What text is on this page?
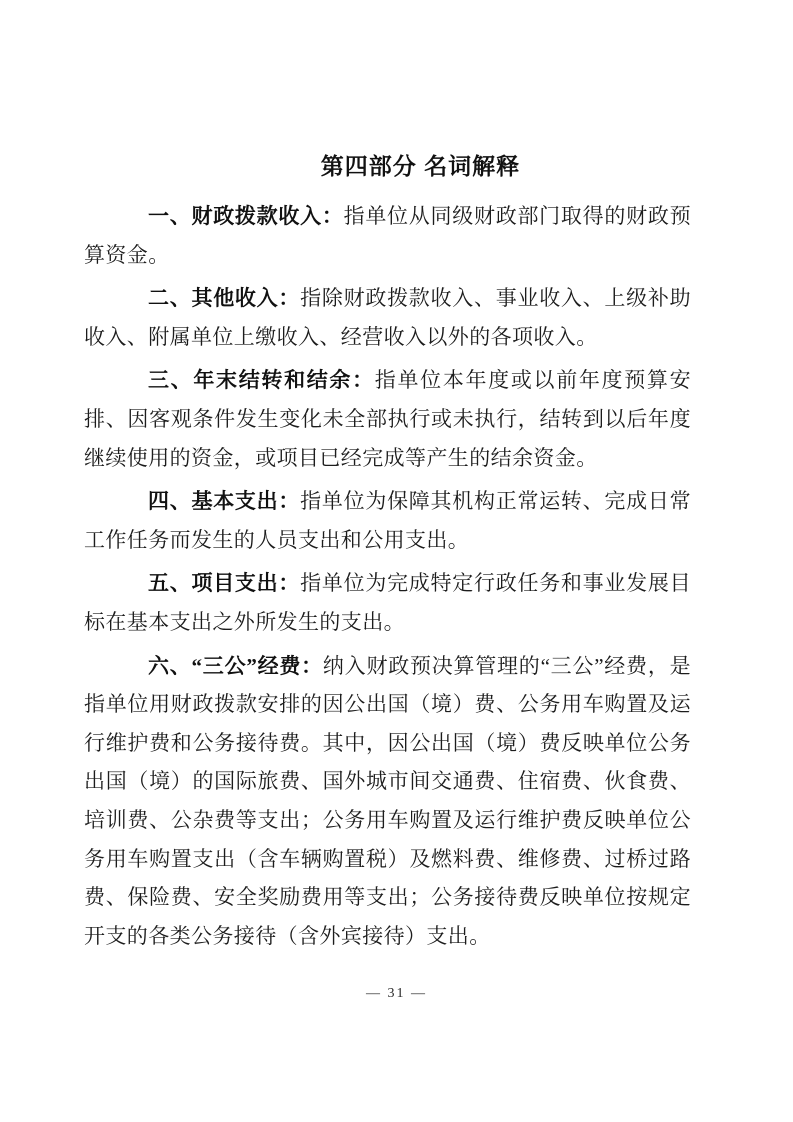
第四部分 名词解释

一、财政拨款收入：指单位从同级财政部门取得的财政预算资金。

二、其他收入：指除财政拨款收入、事业收入、上级补助收入、附属单位上缴收入、经营收入以外的各项收入。

三、年末结转和结余：指单位本年度或以前年度预算安排、因客观条件发生变化未全部执行或未执行，结转到以后年度继续使用的资金，或项目已经完成等产生的结余资金。

四、基本支出：指单位为保障其机构正常运转、完成日常工作任务而发生的人员支出和公用支出。

五、项目支出：指单位为完成特定行政任务和事业发展目标在基本支出之外所发生的支出。

六、“三公”经费：纳入财政预决算管理的“三公”经费，是指单位用财政拨款安排的因公出国（境）费、公务用车购置及运行维护费和公务接待费。其中，因公出国（境）费反映单位公务出国（境）的国际旅费、国外城市间交通费、住宿费、伙食费、培训费、公杂费等支出；公务用车购置及运行维护费反映单位公务用车购置支出（含车辆购置税）及燃料费、维修费、过桥过路费、保险费、安全奖励费用等支出；公务接待费反映单位按规定开支的各类公务接待（含外宾接待）支出。

— 31 —
